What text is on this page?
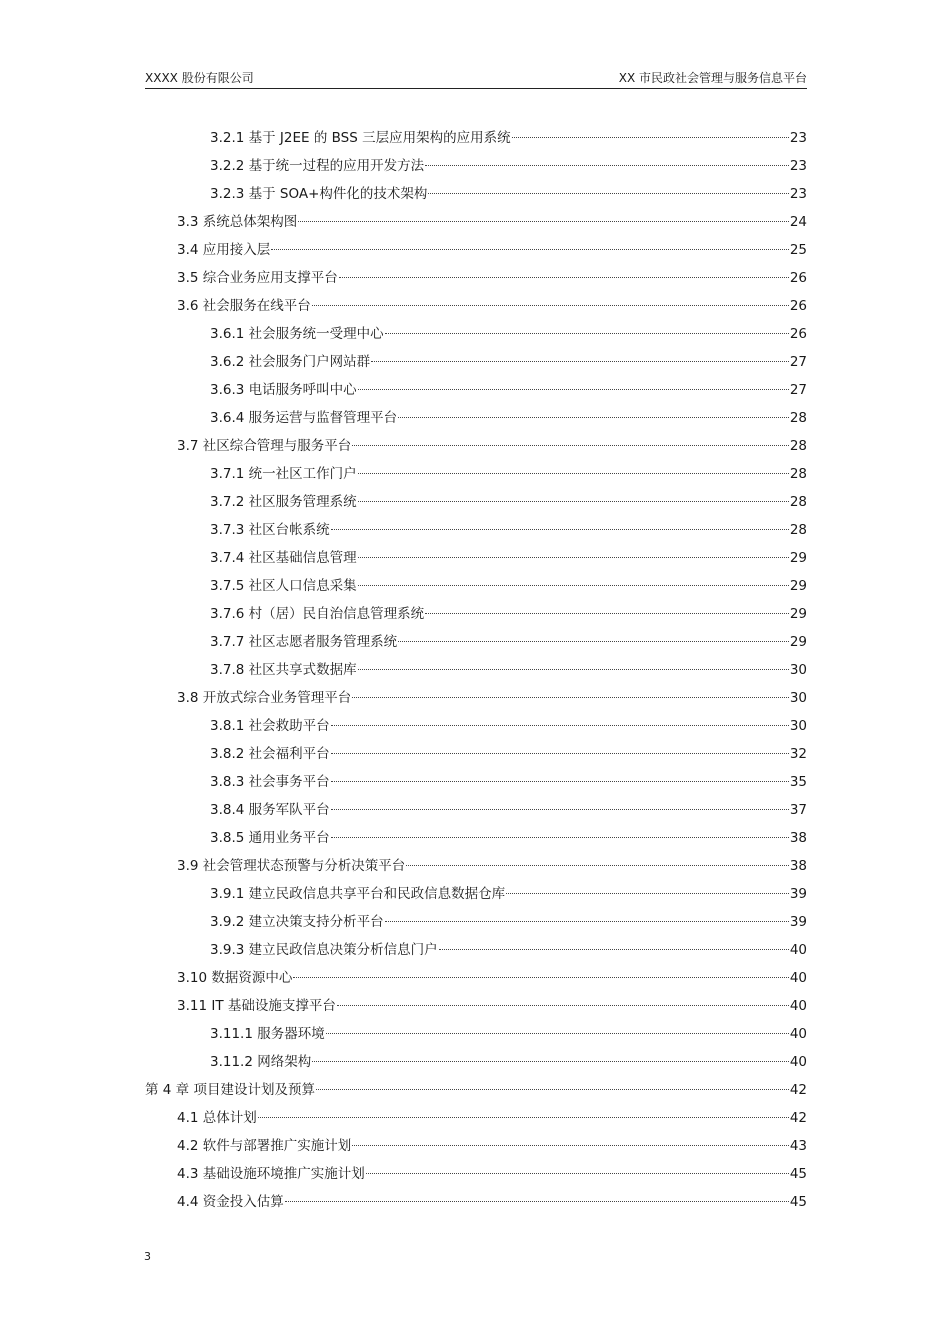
XXXX 股份有限公司	XX 市民政社会管理与服务信息平台
3.2.1 基于 J2EE 的 BSS 三层应用架构的应用系统	23
3.2.2 基于统一过程的应用开发方法	23
3.2.3 基于 SOA+构件化的技术架构	23
3.3 系统总体架构图	24
3.4 应用接入层	25
3.5 综合业务应用支撑平台	26
3.6 社会服务在线平台	26
3.6.1 社会服务统一受理中心	26
3.6.2 社会服务门户网站群	27
3.6.3 电话服务呼叫中心	27
3.6.4 服务运营与监督管理平台	28
3.7 社区综合管理与服务平台	28
3.7.1 统一社区工作门户	28
3.7.2 社区服务管理系统	28
3.7.3 社区台帐系统	28
3.7.4 社区基础信息管理	29
3.7.5 社区人口信息采集	29
3.7.6 村（居）民自治信息管理系统	29
3.7.7 社区志愿者服务管理系统	29
3.7.8 社区共享式数据库	30
3.8 开放式综合业务管理平台	30
3.8.1 社会救助平台	30
3.8.2 社会福利平台	32
3.8.3 社会事务平台	35
3.8.4 服务军队平台	37
3.8.5 通用业务平台	38
3.9 社会管理状态预警与分析决策平台	38
3.9.1 建立民政信息共享平台和民政信息数据仓库	39
3.9.2 建立决策支持分析平台	39
3.9.3 建立民政信息决策分析信息门户	40
3.10 数据资源中心	40
3.11 IT 基础设施支撑平台	40
3.11.1 服务器环境	40
3.11.2 网络架构	40
第 4 章 项目建设计划及预算	42
4.1 总体计划	42
4.2 软件与部署推广实施计划	43
4.3 基础设施环境推广实施计划	45
4.4 资金投入估算	45
3
